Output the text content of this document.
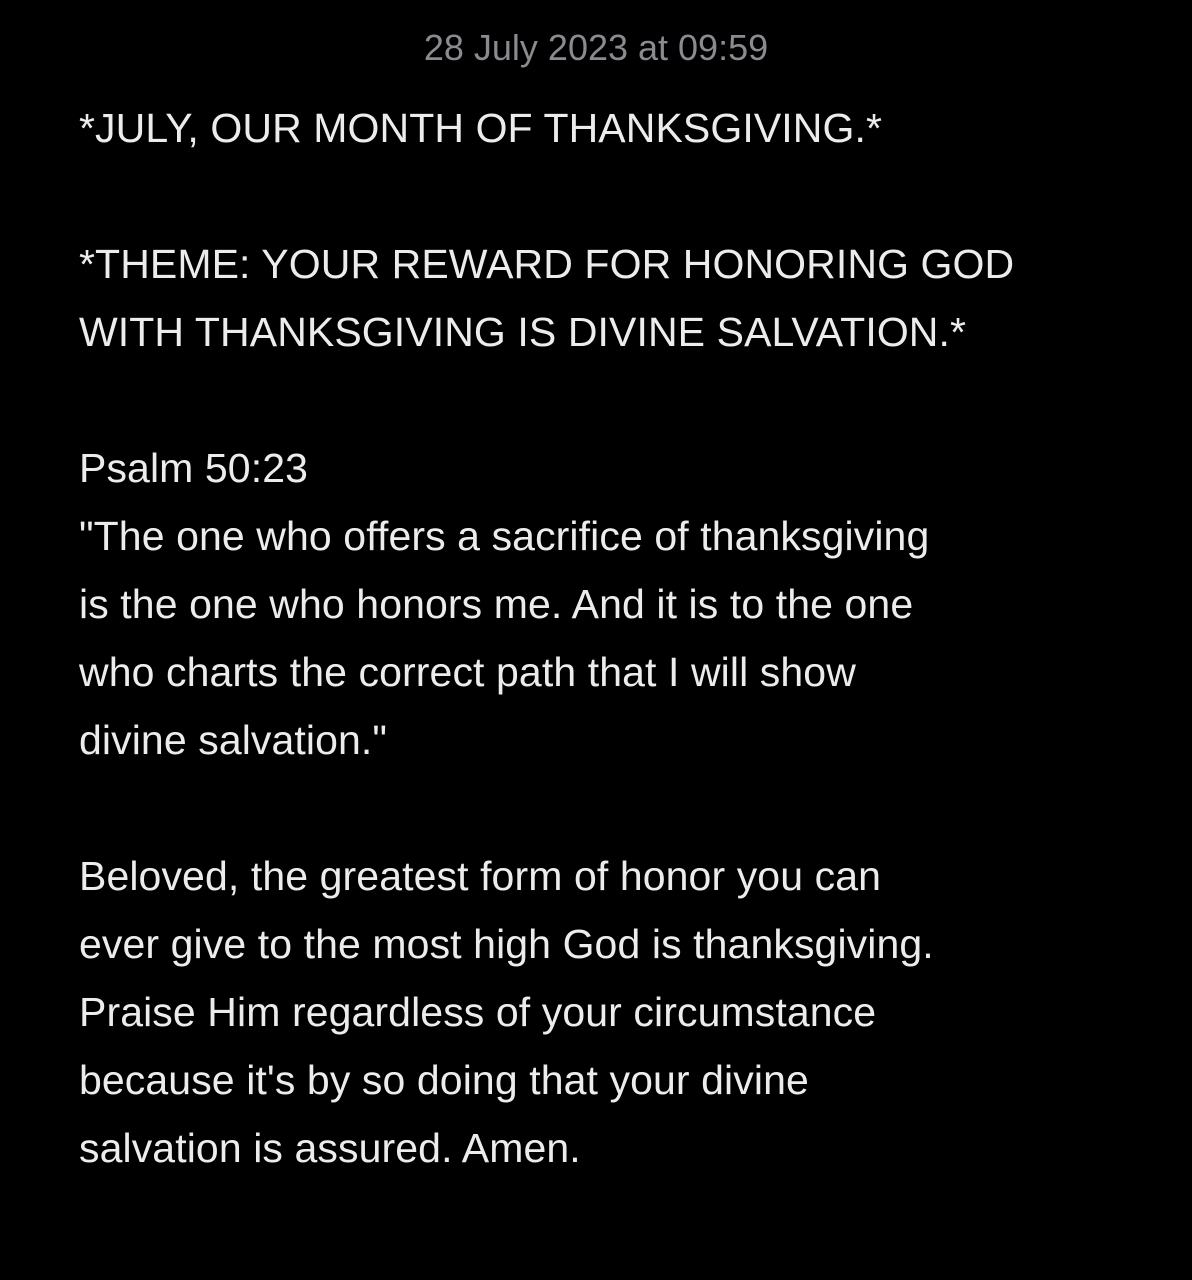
28 July 2023 at 09:59
*JULY, OUR MONTH OF THANKSGIVING.*
*THEME: YOUR REWARD FOR HONORING GOD
WITH THANKSGIVING IS DIVINE SALVATION.*
Psalm 50:23
"The one who offers a sacrifice of thanksgiving
is the one who honors me. And it is to the one
who charts the correct path that I will show
divine salvation."
Beloved, the greatest form of honor you can
ever give to the most high God is thanksgiving.
Praise Him regardless of your circumstance
because it's by so doing that your divine
salvation is assured. Amen.
